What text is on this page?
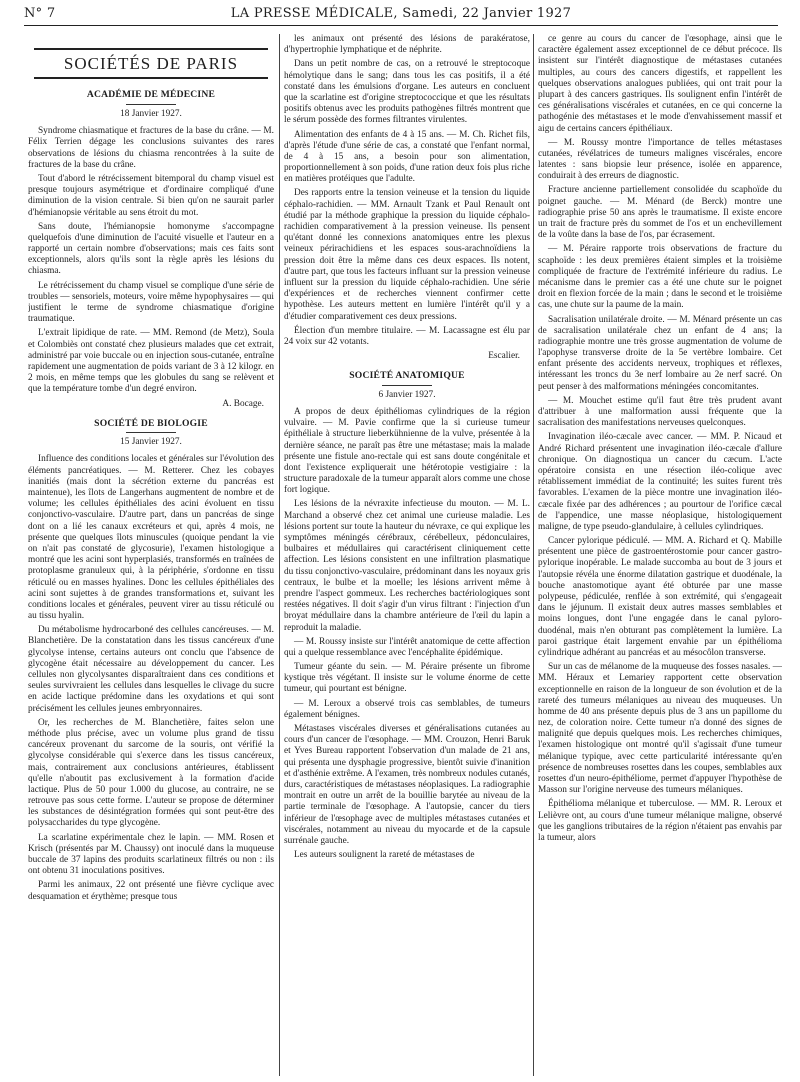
N° 7	LA PRESSE MÉDICALE, Samedi, 22 Janvier 1927
SOCIÉTÉS DE PARIS
ACADÉMIE DE MÉDECINE
18 Janvier 1927.

Syndrome chiasmatique et fractures de la base du crâne. — M. Félix Terrien dégage les conclusions suivantes des rares observations de lésions du chiasma rencontrées à la suite de fractures de la base du crâne.

Tout d'abord le rétrécissement bitemporal du champ visuel est presque toujours asymétrique et d'ordinaire compliqué d'une diminution de la vision centrale. Si bien qu'on ne saurait parler d'hémianopsie véritable au sens étroit du mot.

Sans doute, l'hémianopsie homonyme s'accompagne quelquefois d'une diminution de l'acuité visuelle et l'auteur en a rapporté un certain nombre d'observations; mais ces faits sont exceptionnels, alors qu'ils sont la règle après les lésions du chiasma.

Le rétrécissement du champ visuel se complique d'une série de troubles — sensoriels, moteurs, voire même hypophysaires — qui justifient le terme de syndrome chiasmatique d'origine traumatique.

L'extrait lipidique de rate. — MM. Remond (de Metz), Soula et Colombiès ont constaté chez plusieurs malades que cet extrait, administré par voie buccale ou en injection sous-cutanée, entraîne rapidement une augmentation de poids variant de 3 à 12 kilogr. en 2 mois, en même temps que les globules du sang se relèvent et que la température tombe d'un degré environ.

A. Bocage.
SOCIÉTÉ DE BIOLOGIE
15 Janvier 1927.

Influence des conditions locales et générales sur l'évolution des éléments pancréatiques. — M. Retterer. Chez les cobayes inanitiés (mais dont la sécrétion externe du pancréas est maintenue), les îlots de Langerhans augmentent de nombre et de volume; les cellules épithéliales des acini évoluent en tissu conjonctivo-vasculaire. D'autre part, dans un pancréas de singe dont on a lié les canaux excréteurs et qui, après 4 mois, ne présente que quelques îlots minuscules (quoique pendant la vie on n'ait pas constaté de glycosurie), l'examen histologique a montré que les acini sont hyperplasiés, transformés en traînées de protoplasme granuleux qui, à la périphérie, s'ordonne en tissu réticulé ou en masses hyalines. Donc les cellules épithéliales des acini sont sujettes à de grandes transformations et, suivant les conditions locales et générales, peuvent virer au tissu réticulé ou au tissu hyalin.

Du métabolisme hydrocarboné des cellules cancéreuses. — M. Blanchetière. De la constatation dans les tissus cancéreux d'une glycolyse intense, certains auteurs ont conclu que l'absence de glycogène était nécessaire au développement du cancer. Les cellules non glycolysantes disparaîtraient dans ces conditions et seules survivraient les cellules dans lesquelles le clivage du sucre en acide lactique prédomine dans les oxydations et qui sont précisément les cellules jeunes embryonnaires.

Or, les recherches de M. Blanchetière, faites selon une méthode plus précise, avec un volume plus grand de tissu cancéreux provenant du sarcome de la souris, ont vérifié la glycolyse considérable qui s'exerce dans les tissus cancéreux, mais, contrairement aux conclusions antérieures, établissent qu'elle n'aboutit pas exclusivement à la formation d'acide lactique. Plus de 50 pour 1.000 du glucose, au contraire, ne se retrouve pas sous cette forme. L'auteur se propose de déterminer les substances de désintégration formées qui sont peut-être des polysaccharides du type glycogène.

La scarlatine expérimentale chez le lapin. — MM. Rosen et Krisch (présentés par M. Chaussy) ont inoculé dans la muqueuse buccale de 37 lapins des produits scarlatineux filtrés ou non : ils ont obtenu 31 inoculations positives.

Parmi les animaux, 22 ont présenté une fièvre cyclique avec desquamation et érythème; presque tous

les animaux ont présenté des lésions de parakératose, d'hypertrophie lymphatique et de néphrite.

Dans un petit nombre de cas, on a retrouvé le streptocoque hémolytique dans le sang; dans tous les cas positifs, il a été constaté dans les émulsions d'organe. Les auteurs en concluent que la scarlatine est d'origine streptococcique et que les résultats positifs obtenus avec les produits pathogènes filtrés montrent que le sérum possède des formes filtrantes virulentes.

Alimentation des enfants de 4 à 15 ans. — M. Ch. Richet fils, d'après l'étude d'une série de cas, a constaté que l'enfant normal, de 4 à 15 ans, a besoin pour son alimentation, proportionnellement à son poids, d'une ration deux fois plus riche en matières protéiques que l'adulte.

Des rapports entre la tension veineuse et la tension du liquide céphalo-rachidien. — MM. Arnault Tzank et Paul Renault ont étudié par la méthode graphique la pression du liquide céphalo-rachidien comparativement à la pression veineuse. Ils pensent qu'étant donné les connexions anatomiques entre les plexus veineux périrachidiens et les espaces sous-arachnoïdiens la pression doit être la même dans ces deux espaces. Ils notent, d'autre part, que tous les facteurs influant sur la pression veineuse influent sur la pression du liquide céphalo-rachidien. Une série d'expériences et de recherches viennent confirmer cette hypothèse. Les auteurs mettent en lumière l'intérêt qu'il y a d'étudier comparativement ces deux pressions.

Élection d'un membre titulaire. — M. Lacassagne est élu par 24 voix sur 42 votants.

Escalier.
SOCIÉTÉ ANATOMIQUE
6 Janvier 1927.

A propos de deux épithéliomas cylindriques de la région vulvaire. — M. Pavie confirme que la si curieuse tumeur épithéliale à structure lieberkühnienne de la vulve, présentée à la dernière séance, ne paraît pas être une métastase; mais la malade présente une fistule ano-rectale qui est sans doute congénitale et dont l'existence expliquerait une hétérotopie vestigiaire : la structure paradoxale de la tumeur apparaît alors comme une chose fort logique.

Les lésions de la névraxite infectieuse du mouton. — M. L. Marchand a observé chez cet animal une curieuse maladie. Les lésions portent sur toute la hauteur du névraxe, ce qui explique les symptômes méningés cérébraux, cérébelleux, pédonculaires, bulbaires et médullaires qui caractérisent cliniquement cette affection. Les lésions consistent en une infiltration plasmatique du tissu conjonctivo-vasculaire, prédominant dans les noyaux gris centraux, le bulbe et la moelle; les lésions arrivent même à prendre l'aspect gommeux. Les recherches bactériologiques sont restées négatives. Il doit s'agir d'un virus filtrant : l'injection d'un broyat médullaire dans la chambre antérieure de l'œil du lapin a reproduit la maladie.

— M. Roussy insiste sur l'intérêt anatomique de cette affection qui a quelque ressemblance avec l'encéphalite épidémique.

Tumeur géante du sein. — M. Péraire présente un fibrome kystique très végétant. Il insiste sur le volume énorme de cette tumeur, qui pourtant est bénigne.

— M. Leroux a observé trois cas semblables, de tumeurs également bénignes.

Métastases viscérales diverses et généralisations cutanées au cours d'un cancer de l'œsophage. — MM. Crouzon, Henri Baruk et Yves Bureau rapportent l'observation d'un malade de 21 ans, qui présenta une dysphagie progressive, bientôt suivie d'inanition et d'asthénie extrême. A l'examen, très nombreux nodules cutanés, durs, caractéristiques de métastases néoplasiques. La radiographie montrait en outre un arrêt de la bouillie barytée au niveau de la partie terminale de l'œsophage. A l'autopsie, cancer du tiers inférieur de l'œsophage avec de multiples métastases cutanées et viscérales, notamment au niveau du myocarde et de la capsule surrénale gauche.

Les auteurs soulignent la rareté de métastases de

ce genre au cours du cancer de l'œsophage, ainsi que le caractère également assez exceptionnel de ce début précoce. Ils insistent sur l'intérêt diagnostique de métastases cutanées multiples, au cours des cancers digestifs, et rappellent les quelques observations analogues publiées, qui ont trait pour la plupart à des cancers gastriques. Ils soulignent enfin l'intérêt de ces généralisations viscérales et cutanées, en ce qui concerne la pathogénie des métastases et le mode d'envahissement massif et aigu de certains cancers épithéliaux.

— M. Roussy montre l'importance de telles métastases cutanées, révélatrices de tumeurs malignes viscérales, encore latentes : sans biopsie leur présence, isolée en apparence, conduirait à des erreurs de diagnostic.

Fracture ancienne partiellement consolidée du scaphoïde du poignet gauche. — M. Ménard (de Berck) montre une radiographie prise 50 ans après le traumatisme. Il existe encore un trait de fracture près du sommet de l'os et un enchevillement de la voûte dans la base de l'os, par écrasement.

— M. Péraire rapporte trois observations de fracture du scaphoïde : les deux premières étaient simples et la troisième compliquée de fracture de l'extrémité inférieure du radius. Le mécanisme dans le premier cas a été une chute sur le poignet droit en flexion forcée de la main ; dans le second et le troisième cas, une chute sur la paume de la main.

Sacralisation unilatérale droite. — M. Ménard présente un cas de sacralisation unilatérale chez un enfant de 4 ans; la radiographie montre une très grosse augmentation de volume de l'apophyse transverse droite de la 5e vertèbre lombaire. Cet enfant présente des accidents nerveux, trophiques et réflexes, intéressant les troncs du 3e nerf lombaire au 2e nerf sacré. On peut penser à des malformations méningées concomitantes.

— M. Mouchet estime qu'il faut être très prudent avant d'attribuer à une malformation aussi fréquente que la sacralisation des manifestations nerveuses quelconques.

Invagination iléo-cæcale avec cancer. — MM. P. Nicaud et André Richard présentent une invagination iléo-cæcale d'allure chronique. On diagnostiqua un cancer du cæcum. L'acte opératoire consista en une résection iléo-colique avec rétablissement immédiat de la continuité; les suites furent très favorables. L'examen de la pièce montre une invagination iléo-cæcale fixée par des adhérences ; au pourtour de l'orifice cæcal de l'appendice, une masse néoplasique, histologiquement maligne, de type pseudo-glandulaire, à cellules cylindriques.

Cancer pylorique pédiculé. — MM. A. Richard et Q. Mabille présentent une pièce de gastroentérostomie pour cancer gastro-pylorique inopérable. Le malade succomba au bout de 3 jours et l'autopsie révéla une énorme dilatation gastrique et duodénale, la bouche anastomotique ayant été obturée par une masse polypeuse, pédiculée, renflée à son extrémité, qui s'engageait dans le jéjunum. Il existait deux autres masses semblables et moins longues, dont l'une engagée dans le canal pyloro-duodénal, mais n'en obturant pas complètement la lumière. La paroi gastrique était largement envahie par un épithélioma cylindrique adhérant au pancréas et au mésocôlon transverse.

Sur un cas de mélanome de la muqueuse des fosses nasales. — MM. Héraux et Lemariey rapportent cette observation exceptionnelle en raison de la longueur de son évolution et de la rareté des tumeurs mélaniques au niveau des muqueuses. Un homme de 40 ans présente depuis plus de 3 ans un papillome du nez, de coloration noire. Cette tumeur n'a donné des signes de malignité que depuis quelques mois. Les recherches chimiques, l'examen histologique ont montré qu'il s'agissait d'une tumeur mélanique typique, avec cette particularité intéressante qu'en présence de nombreuses rosettes dans les coupes, semblables aux rosettes d'un neuro-épithéliome, permet d'appuyer l'hypothèse de Masson sur l'origine nerveuse des tumeurs mélaniques.

Épithélioma mélanique et tuberculose. — MM. R. Leroux et Lelièvre ont, au cours d'une tumeur mélanique maligne, observé que les ganglions tributaires de la région n'étaient pas envahis par la tumeur, alors
